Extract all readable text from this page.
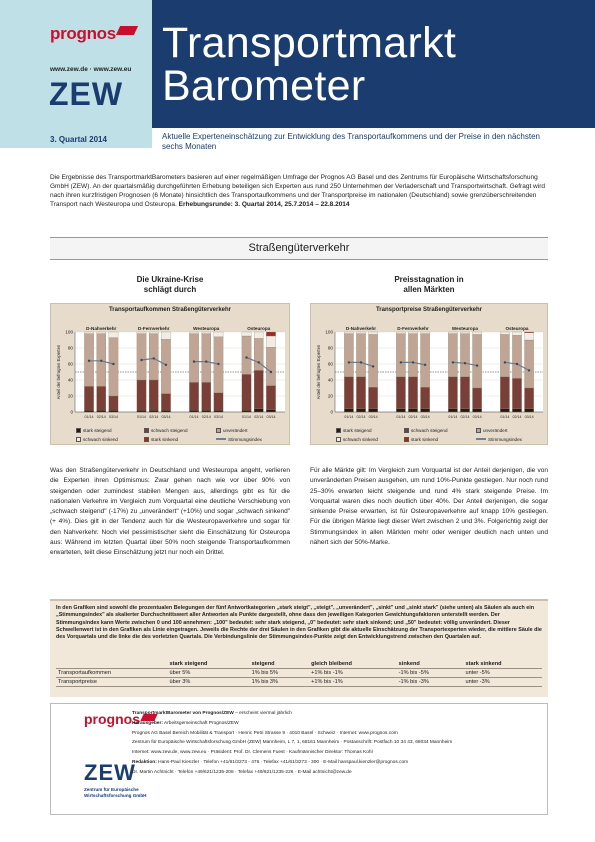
prognos
www.zew.de · www.zew.eu
ZEW
Transportmarkt
Barometer
3. Quartal 2014	Aktuelle Experteneinschätzung zur Entwicklung des Transportaufkommens und der Preise in den nächsten sechs Monaten
Die Ergebnisse des TransportmarktBarometers basieren auf einer regelmäßigen Umfrage der Prognos AG Basel und des Zentrums für Europäische Wirtschaftsforschung GmbH (ZEW). An der quartalsmäßig durchgeführten Erhebung beteiligen sich Experten aus rund 250 Unternehmen der Verladerschaft und Transportwirtschaft. Gefragt wird nach ihren kurzfristigen Prognosen (6 Monate) hinsichtlich des Transportaufkommens und der Transportpreise im nationalen (Deutschland) sowie grenzüberschreitenden Transport nach Westeuropa und Osteuropa. Erhebungsrunde: 3. Quartal 2014, 25.7.2014 – 22.8.2014
Straßengüterverkehr
Die Ukraine-Krise
schlägt durch
Preisstagnation in
allen Märkten
Transportaufkommen Straßengüterverkehr
0
20
40
60
80
100
Anteil der befragten Experten
D-Nahverkehr
01/14 02/14 03/14
D-Fernverkehr
01/14 02/14 03/14
Westeuropa
01/14 02/14 03/14
Osteuropa
01/14 02/14 03/14
stark steigend
schwach sinkend
schwach steigend
stark sinkend
unverändert
Stimmungsindex
Transportpreise Straßengüterverkehr
0
20
40
60
80
100
Anteil der befragten Experten
D-Nahverkehr
01/14 02/14 03/14
D-Fernverkehr
01/14 02/14 03/14
Westeuropa
01/14 02/14 03/14
Osteuropa
01/14 02/14 03/14
stark steigend
schwach sinkend
schwach steigend
stark sinkend
unverändert
Stimmungsindex
Was den Straßengüterverkehr in Deutschland und Westeuropa angeht, verlieren die Experten ihren Optimismus: Zwar gehen nach wie vor über 90% von steigenden oder zumindest stabilen Mengen aus, allerdings gibt es für die nationalen Verkehre im Vergleich zum Vorquartal eine deutliche Verschiebung von „schwach steigend" (-17%) zu „unverändert" (+10%) und sogar „schwach sinkend" (+ 4%). Dies gilt in der Tendenz auch für die Westeuropaverkehre und sogar für den Nahverkehr. Noch viel pessimistischer sieht die Einschätzung für Osteuropa aus: Während im letzten Quartal über 50% noch steigende Transportaufkommen erwarteten, teilt diese Einschätzung jetzt nur noch ein Drittel.
Für alle Märkte gilt: Im Vergleich zum Vorquartal ist der Anteil derjenigen, die von unveränderten Preisen ausgehen, um rund 10%-Punkte gestiegen. Nur noch rund 25–30% erwarten leicht steigende und rund 4% stark steigende Preise. Im Vorquartal waren dies noch deutlich über 40%. Der Anteil derjenigen, die sogar sinkende Preise erwarten, ist für Osteuropaverkehre auf knapp 10% gestiegen. Für die übrigen Märkte liegt dieser Wert zwischen 2 und 3%. Folgerichtig zeigt der Stimmungsindex in allen Märkten mehr oder weniger deutlich nach unten und nähert sich der 50%-Marke.
In den Grafiken sind sowohl die prozentualen Belegungen der fünf Antwortkategorien „stark steigt", „steigt", „unverändert", „sinkt" und „sinkt stark" (siehe unten) als Säulen als auch ein „Stimmungsindex" als skalierter Durchschnittswert aller Antworten als Punkte dargestellt, ohne dass den jeweiligen Kategorien Gewichtungsfaktoren unterstellt werden. Der Stimmungsindex kann Werte zwischen 0 und 100 annehmen: „100" bedeutet: sehr stark steigend, „0" bedeutet: sehr stark sinkend; und „50" bedeutet: völlig unverändert. Dieser Schwellenwert ist in den Grafiken als Linie eingetragen. Jeweils die Rechte der drei Säulen in den Grafiken gibt die aktuelle Einschätzung der Transportexperten wieder, die mittlere Säule die des Vorquartals und die linke die des vorletzten Quartals. Die Verbindungslinie der Stimmungsindex-Punkte zeigt den Entwicklungstrend zwischen den Quartalen auf.
	stark steigend	steigend	gleich bleibend	sinkend	stark sinkend
Transportaufkommen	über 5%	1% bis 5%	+1% bis -1%	-1% bis -5%	unter -5%
Transportpreise	über 3%	1% bis 3%	+1% bis -1%	-1% bis -3%	unter -3%
prognos
ZEW
Zentrum für Europäische Wirtschaftsforschung GmbH

TransportmarktBarometer von Prognos/ZEW – erscheint viermal jährlich

Herausgeber: Arbeitsgemeinschaft Prognos/ZEW

Prognos AG Basel Bereich Mobilität & Transport · Henric Petri Strasse 9 · 4010 Basel · Schweiz · Internet: www.prognos.com

Zentrum für Europäische Wirtschaftsforschung GmbH (ZEW) Mannheim, L 7, 1, 68161 Mannheim · Postanschrift: Postfach 10 34 43, 68034 Mannheim

Internet: www.zew.de, www.zew.eu · Präsident: Prof. Dr. Clemens Fuest · Kaufmännischer Direktor: Thomas Kohl

Redaktion: Hans-Paul Kienzler · Telefon +41/61/3273 - 476 · Telefax +41/61/3273 - 300 · E-Mail hanspaul.kienzler@prognos.com

Dr. Martin Achtnicht · Telefon +49/621/1235-208 · Telefax +49/621/1235-226 · E-Mail achtnicht@zew.de
